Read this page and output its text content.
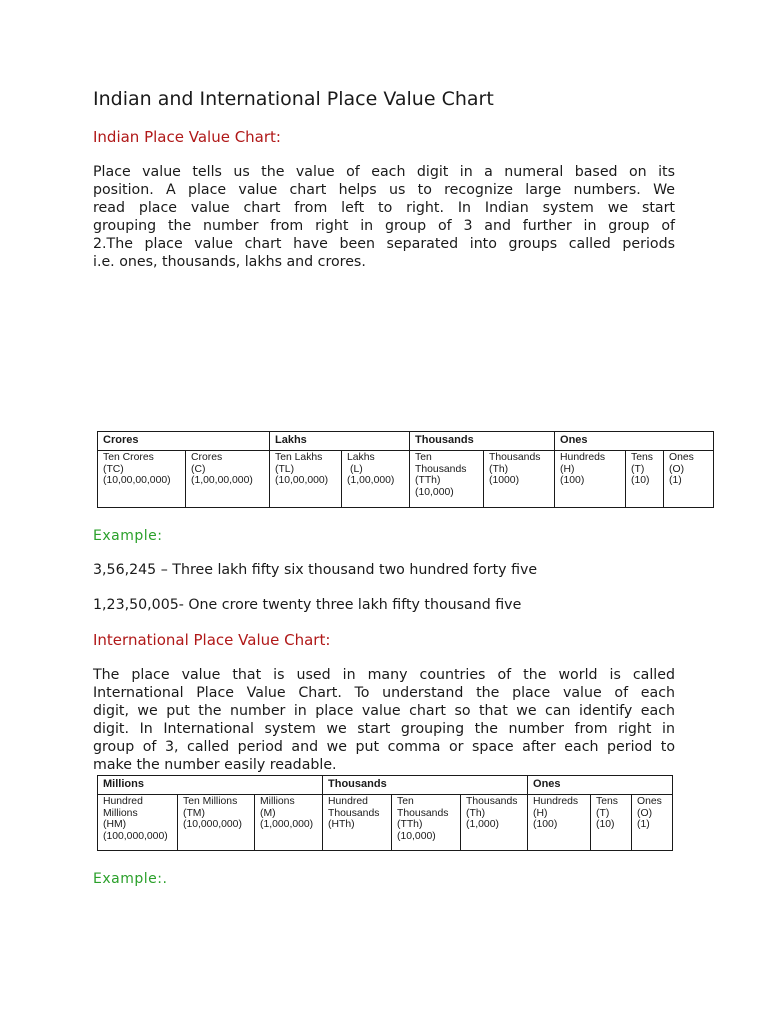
Indian and International Place Value Chart
Indian Place Value Chart:
Place value tells us the value of each digit in a numeral based on its
position. A place value chart helps us to recognize large numbers. We
read place value chart from left to right. In Indian system we start
grouping the number from right in group of 3 and further in group of
2.The place value chart have been separated into groups called periods
i.e. ones, thousands, lakhs and crores.
Crores		Lakhs		Thousands		Ones		

Ten Crores
(TC)
(10,00,00,000)	Crores
(C)
(1,00,00,000)	Ten Lakhs
(TL)
(10,00,000)	Lakhs
(L)
(1,00,000)	Ten
Thousands
(TTh)
(10,000)	Thousands
(Th)
(1000)	Hundreds
(H)
(100)	Tens
(T)
(10)	Ones
(O)
(1)
Example:
3,56,245 – Three lakh fifty six thousand two hundred forty five
1,23,50,005- One crore twenty three lakh fifty thousand five
International Place Value Chart:
The place value that is used in many countries of the world is called
International Place Value Chart. To understand the place value of each
digit, we put the number in place value chart so that we can identify each
digit. In International system we start grouping the number from right in
group of 3, called period and we put comma or space after each period to
make the number easily readable.
Millions			Thousands			Ones		

Hundred
Millions
(HM)
(100,000,000)	Ten Millions
(TM)
(10,000,000)	Millions
(M)
(1,000,000)	Hundred
Thousands
(HTh)	Ten
Thousands
(TTh)
(10,000)	Thousands
(Th)
(1,000)	Hundreds
(H)
(100)	Tens
(T)
(10)	Ones
(O)
(1)
Example:.
